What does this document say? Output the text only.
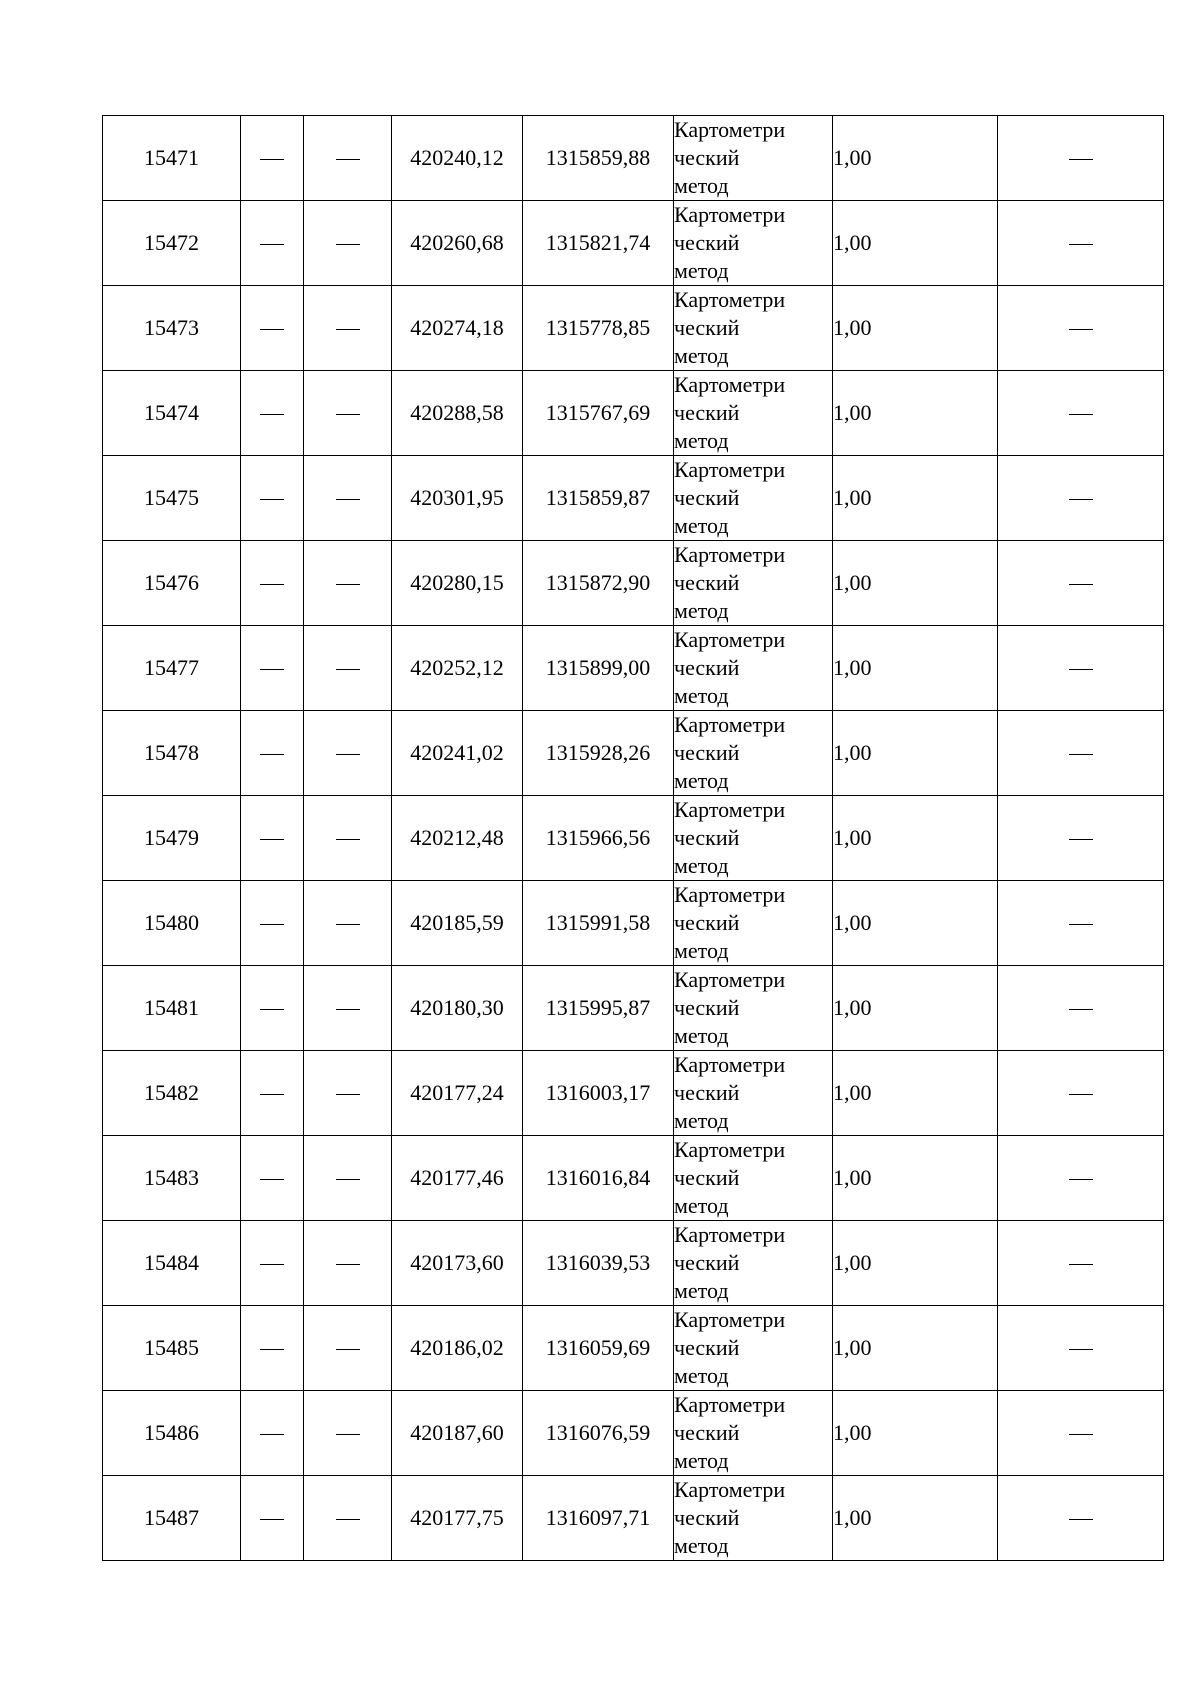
15471			420240,12	1315859,88	Картометри
ческий
метод	1,00	
15472			420260,68	1315821,74	Картометри
ческий
метод	1,00	
15473			420274,18	1315778,85	Картометри
ческий
метод	1,00	
15474			420288,58	1315767,69	Картометри
ческий
метод	1,00	
15475			420301,95	1315859,87	Картометри
ческий
метод	1,00	
15476			420280,15	1315872,90	Картометри
ческий
метод	1,00	
15477			420252,12	1315899,00	Картометри
ческий
метод	1,00	
15478			420241,02	1315928,26	Картометри
ческий
метод	1,00	
15479			420212,48	1315966,56	Картометри
ческий
метод	1,00	
15480			420185,59	1315991,58	Картометри
ческий
метод	1,00	
15481			420180,30	1315995,87	Картометри
ческий
метод	1,00	
15482			420177,24	1316003,17	Картометри
ческий
метод	1,00	
15483			420177,46	1316016,84	Картометри
ческий
метод	1,00	
15484			420173,60	1316039,53	Картометри
ческий
метод	1,00	
15485			420186,02	1316059,69	Картометри
ческий
метод	1,00	
15486			420187,60	1316076,59	Картометри
ческий
метод	1,00	
15487			420177,75	1316097,71	Картометри
ческий
метод	1,00	
